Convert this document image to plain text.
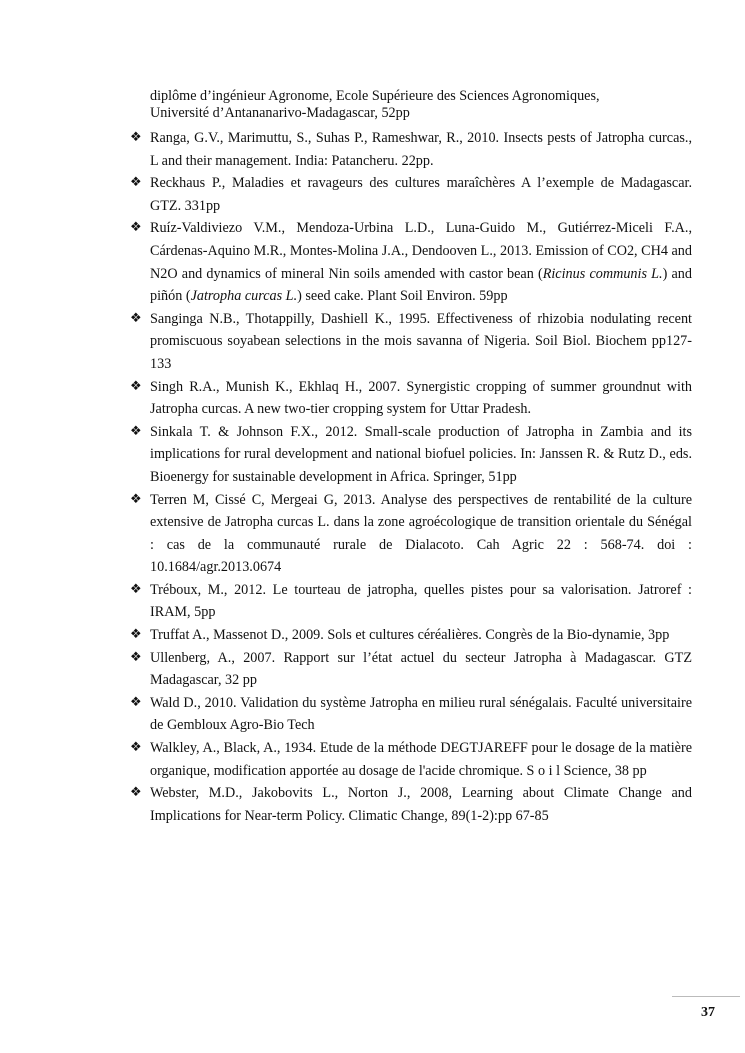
diplôme d’ingénieur Agronome, Ecole Supérieure des Sciences Agronomiques,
Université d’Antananarivo-Madagascar, 52pp
❖ Ranga, G.V., Marimuttu, S., Suhas P., Rameshwar, R., 2010. Insects pests of Jatropha curcas., L and their management. India: Patancheru. 22pp.
❖ Reckhaus P., Maladies et ravageurs des cultures maraîchères A l’exemple de Madagascar. GTZ. 331pp
❖ Ruíz-Valdiviezo V.M., Mendoza-Urbina L.D., Luna-Guido M., Gutiérrez-Miceli F.A., Cárdenas-Aquino M.R., Montes-Molina J.A., Dendooven L., 2013. Emission of CO2, CH4 and N2O and dynamics of mineral Nin soils amended with castor bean (Ricinus communis L.) and piñón (Jatropha curcas L.) seed cake. Plant Soil Environ. 59pp
❖ Sanginga N.B., Thotappilly, Dashiell K., 1995. Effectiveness of rhizobia nodulating recent promiscuous soyabean selections in the mois savanna of Nigeria. Soil Biol. Biochem pp127-133
❖ Singh R.A., Munish K., Ekhlaq H., 2007. Synergistic cropping of summer groundnut with Jatropha curcas. A new two-tier cropping system for Uttar Pradesh.
❖ Sinkala T. & Johnson F.X., 2012. Small-scale production of Jatropha in Zambia and its implications for rural development and national biofuel policies. In: Janssen R. & Rutz D., eds. Bioenergy for sustainable development in Africa. Springer, 51pp
❖ Terren M, Cissé C, Mergeai G, 2013. Analyse des perspectives de rentabilité de la culture extensive de Jatropha curcas L. dans la zone agroécologique de transition orientale du Sénégal : cas de la communauté rurale de Dialacoto. Cah Agric 22 : 568-74. doi : 10.1684/agr.2013.0674
❖ Tréboux, M., 2012. Le tourteau de jatropha, quelles pistes pour sa valorisation. Jatroref : IRAM, 5pp
❖ Truffat A., Massenot D., 2009. Sols et cultures céréalières. Congrès de la Bio-dynamie, 3pp
❖ Ullenberg, A., 2007. Rapport sur l’état actuel du secteur Jatropha à Madagascar. GTZ Madagascar, 32 pp
❖ Wald D., 2010. Validation du système Jatropha en milieu rural sénégalais. Faculté universitaire de Gembloux Agro-Bio Tech
❖ Walkley, A., Black, A., 1934. Etude de la méthode DEGTJAREFF pour le dosage de la matière organique, modification apportée au dosage de l'acide chromique. S o i l Science, 38 pp
❖ Webster, M.D., Jakobovits L., Norton J., 2008, Learning about Climate Change and Implications for Near-term Policy. Climatic Change, 89(1-2):pp 67-85
37
